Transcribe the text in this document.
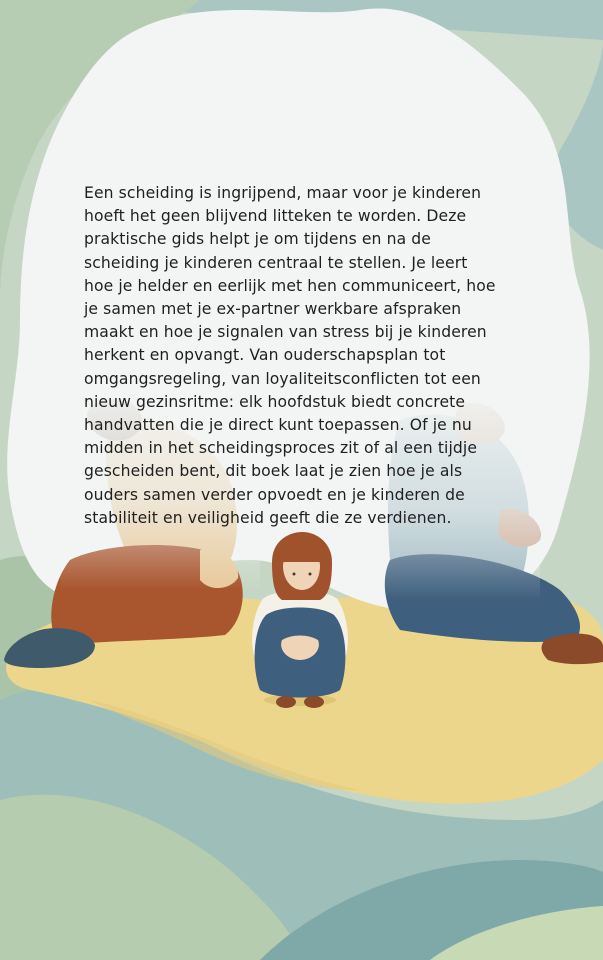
Een scheiding is ingrijpend, maar voor je kinderen
hoeft het geen blijvend litteken te worden. Deze
praktische gids helpt je om tijdens en na de
scheiding je kinderen centraal te stellen. Je leert
hoe je helder en eerlijk met hen communiceert, hoe
je samen met je ex-partner werkbare afspraken
maakt en hoe je signalen van stress bij je kinderen
herkent en opvangt. Van ouderschapsplan tot
omgangsregeling, van loyaliteitsconflicten tot een
nieuw gezinsritme: elk hoofdstuk biedt concrete
handvatten die je direct kunt toepassen. Of je nu
midden in het scheidingsproces zit of al een tijdje
gescheiden bent, dit boek laat je zien hoe je als
ouders samen verder opvoedt en je kinderen de
stabiliteit en veiligheid geeft die ze verdienen.
